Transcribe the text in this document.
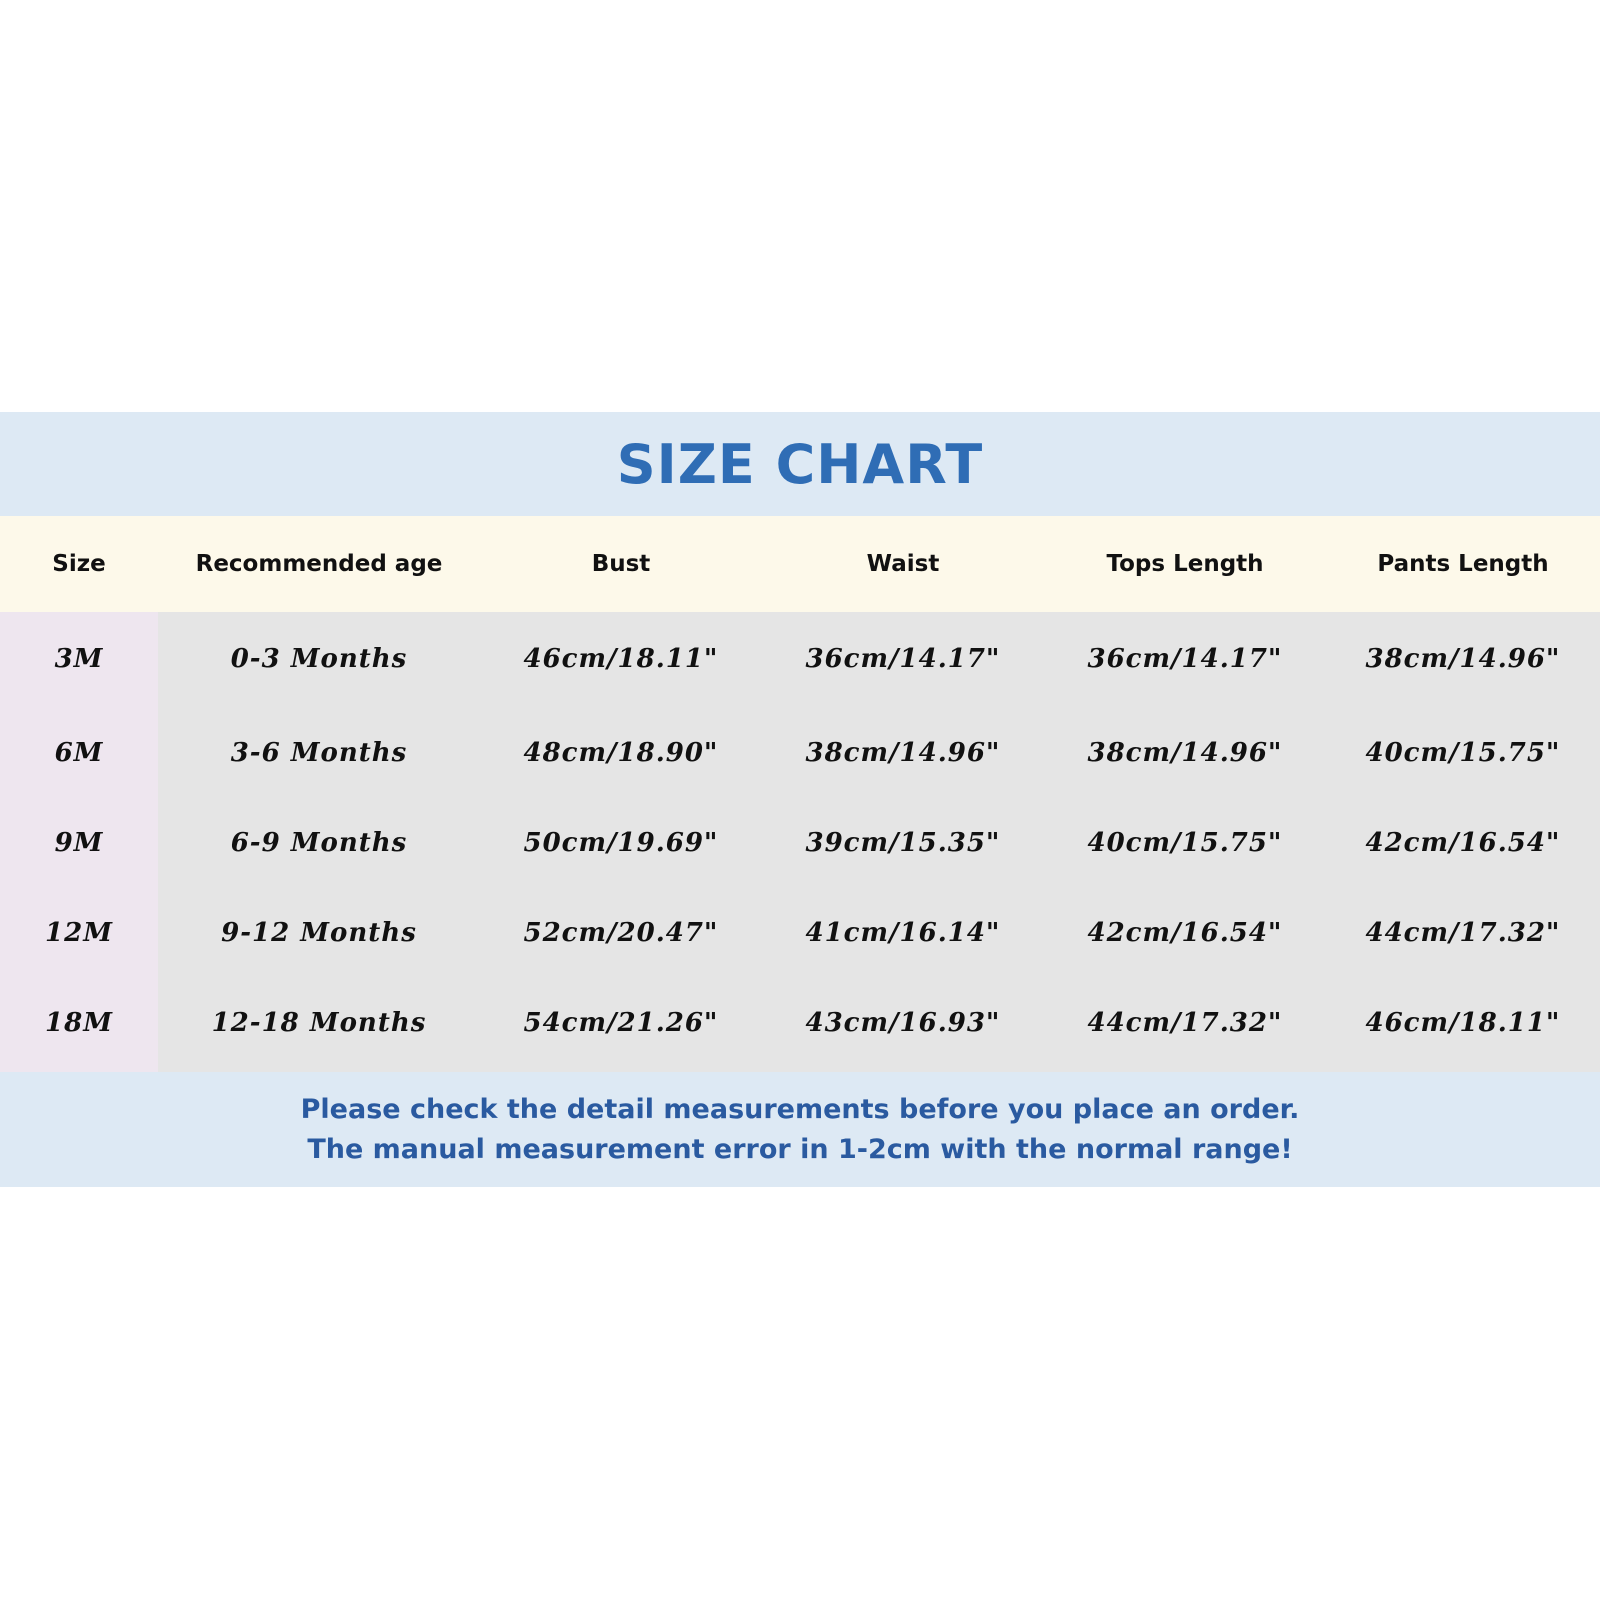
SIZE CHART
Size	Recommended age	Bust	Waist	Tops Length	Pants Length
3M	0-3 Months	46cm/18.11"	36cm/14.17"	36cm/14.17"	38cm/14.96"
6M	3-6 Months	48cm/18.90"	38cm/14.96"	38cm/14.96"	40cm/15.75"
9M	6-9 Months	50cm/19.69"	39cm/15.35"	40cm/15.75"	42cm/16.54"
12M	9-12 Months	52cm/20.47"	41cm/16.14"	42cm/16.54"	44cm/17.32"
18M	12-18 Months	54cm/21.26"	43cm/16.93"	44cm/17.32"	46cm/18.11"
Please check the detail measurements before you place an order.
The manual measurement error in 1-2cm with the normal range!
